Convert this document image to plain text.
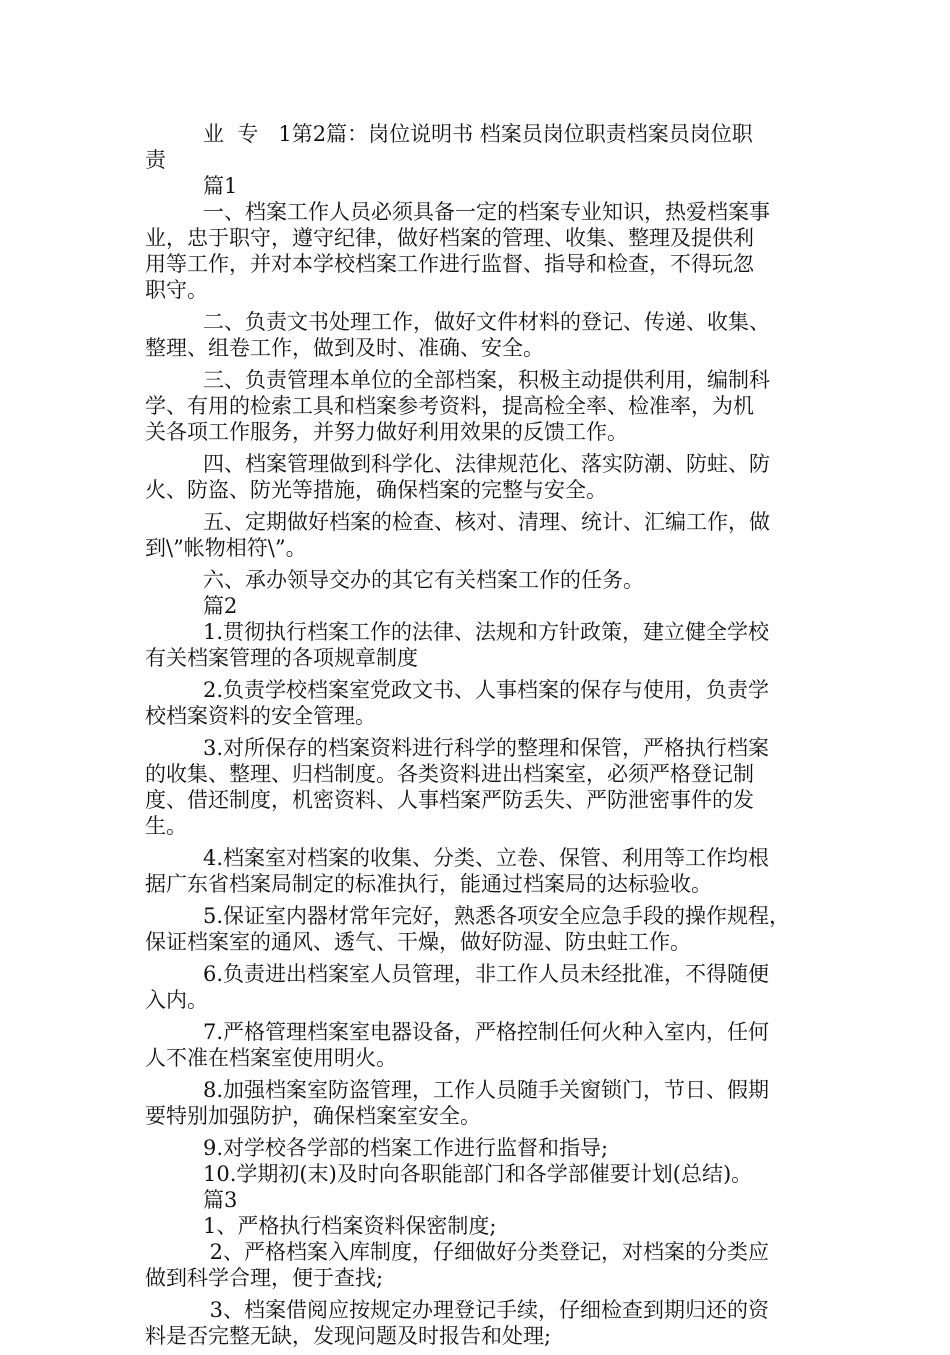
业  专   1第2篇：岗位说明书 档案员岗位职责档案员岗位职

责

篇1

一、档案工作人员必须具备一定的档案专业知识，热爱档案事

业，忠于职守，遵守纪律，做好档案的管理、收集、整理及提供利

用等工作，并对本学校档案工作进行监督、指导和检查，不得玩忽

职守。

二、负责文书处理工作，做好文件材料的登记、传递、收集、

整理、组卷工作，做到及时、准确、安全。

三、负责管理本单位的全部档案，积极主动提供利用，编制科

学、有用的检索工具和档案参考资料，提高检全率、检准率，为机

关各项工作服务，并努力做好利用效果的反馈工作。

四、档案管理做到科学化、法律规范化、落实防潮、防蛀、防

火、防盗、防光等措施，确保档案的完整与安全。

五、定期做好档案的检查、核对、清理、统计、汇编工作，做

到\”帐物相符\”。

六、承办领导交办的其它有关档案工作的任务。

篇2

1.贯彻执行档案工作的法律、法规和方针政策，建立健全学校

有关档案管理的各项规章制度

2.负责学校档案室党政文书、人事档案的保存与使用，负责学

校档案资料的安全管理。

3.对所保存的档案资料进行科学的整理和保管，严格执行档案

的收集、整理、归档制度。各类资料进出档案室，必须严格登记制

度、借还制度，机密资料、人事档案严防丢失、严防泄密事件的发

生。

4.档案室对档案的收集、分类、立卷、保管、利用等工作均根

据广东省档案局制定的标准执行，能通过档案局的达标验收。

5.保证室内器材常年完好，熟悉各项安全应急手段的操作规程，

保证档案室的通风、透气、干燥，做好防湿、防虫蛀工作。

6.负责进出档案室人员管理，非工作人员未经批准，不得随便

入内。

7.严格管理档案室电器设备，严格控制任何火种入室内，任何

人不准在档案室使用明火。

8.加强档案室防盗管理，工作人员随手关窗锁门，节日、假期

要特别加强防护，确保档案室安全。

9.对学校各学部的档案工作进行监督和指导;

10.学期初(末)及时向各职能部门和各学部催要计划(总结)。

篇3

1、严格执行档案资料保密制度;

2、严格档案入库制度，仔细做好分类登记，对档案的分类应

做到科学合理，便于查找;

3、档案借阅应按规定办理登记手续，仔细检查到期归还的资

料是否完整无缺，发现问题及时报告和处理;
